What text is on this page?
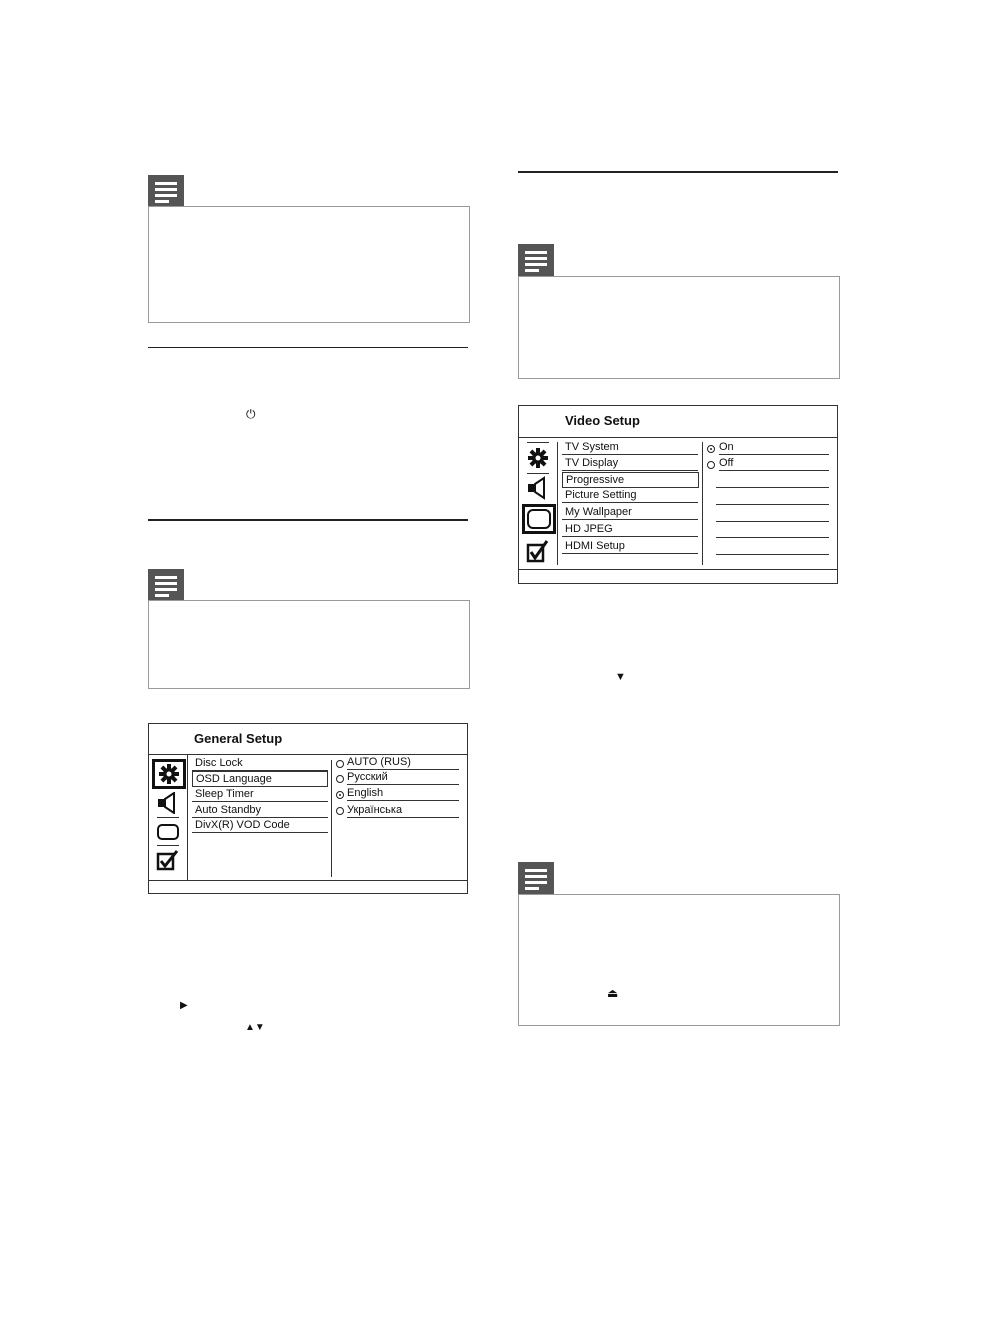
⏻
General Setup
Disc Lock
OSD Language
Sleep Timer
Auto Standby
DivX(R) VOD Code
AUTO (RUS)
Русский
English
Українська
▶
▲▼
Video Setup
TV System
TV Display
Progressive
Picture Setting
My Wallpaper
HD JPEG
HDMI Setup
On
Off
▼
⏏
